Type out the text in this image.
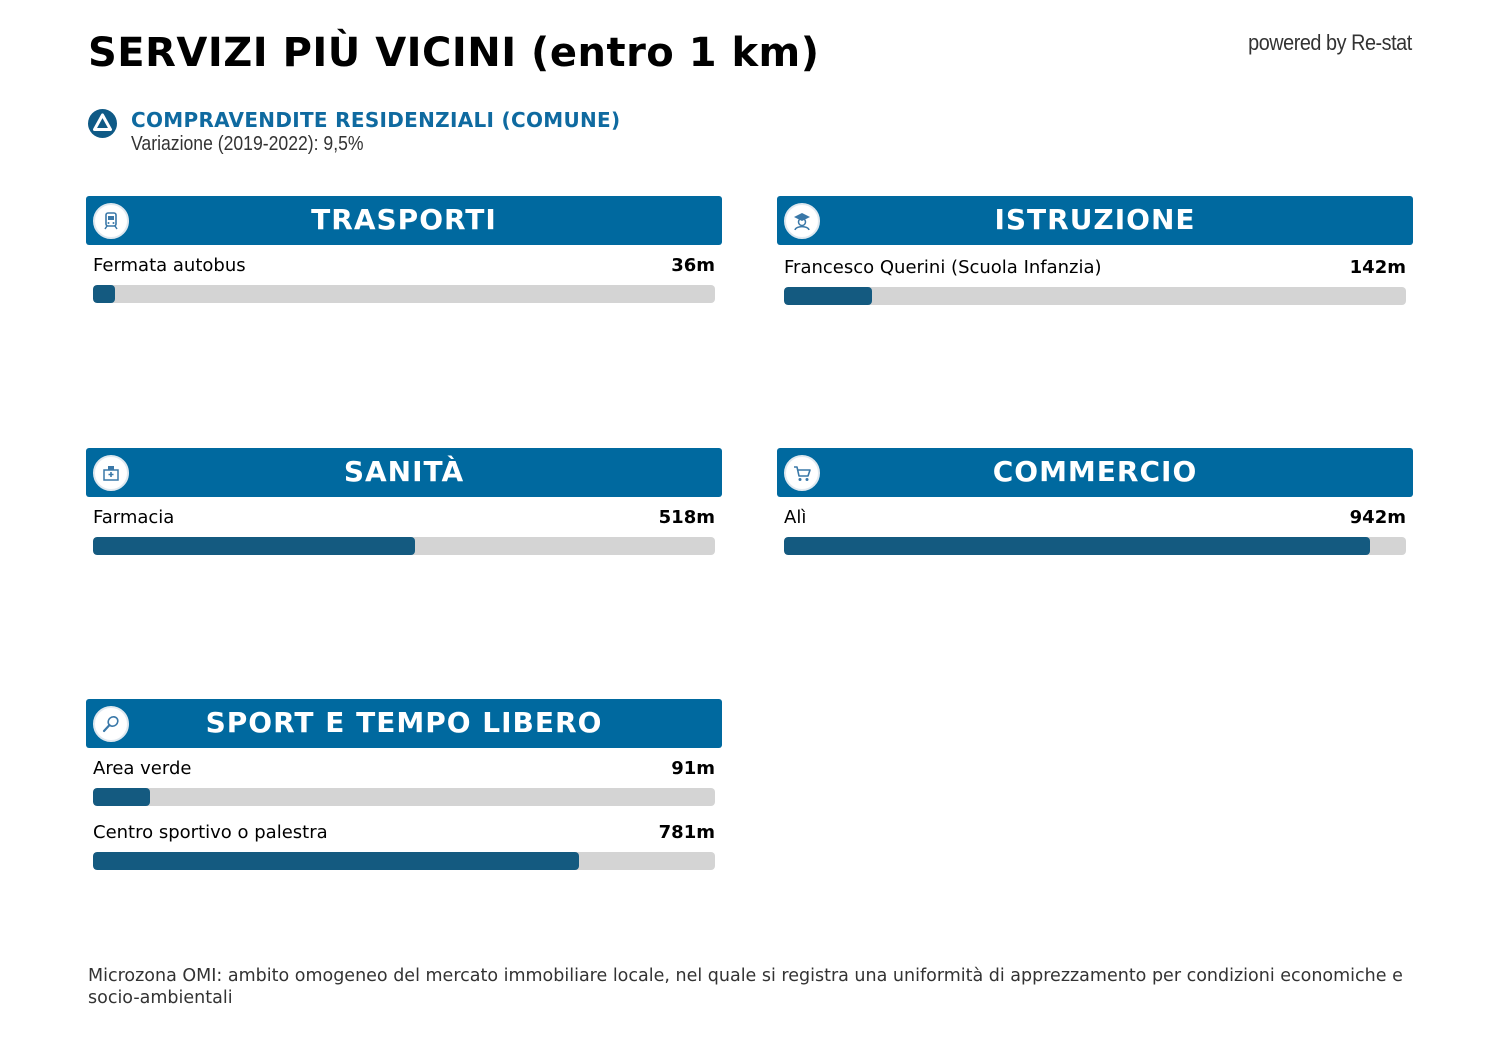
SERVIZI PIÙ VICINI (entro 1 km)	powered by Re-stat
COMPRAVENDITE RESIDENZIALI (COMUNE)
Variazione (2019-2022): 9,5%
TRASPORTI
Fermata autobus	36m
ISTRUZIONE
Francesco Querini (Scuola Infanzia)	142m
SANITÀ
Farmacia	518m
COMMERCIO
Alì	942m
SPORT E TEMPO LIBERO
Area verde	91m
Centro sportivo o palestra	781m
Microzona OMI: ambito omogeneo del mercato immobiliare locale, nel quale si registra una uniformità di apprezzamento per condizioni economiche e socio-ambientali
